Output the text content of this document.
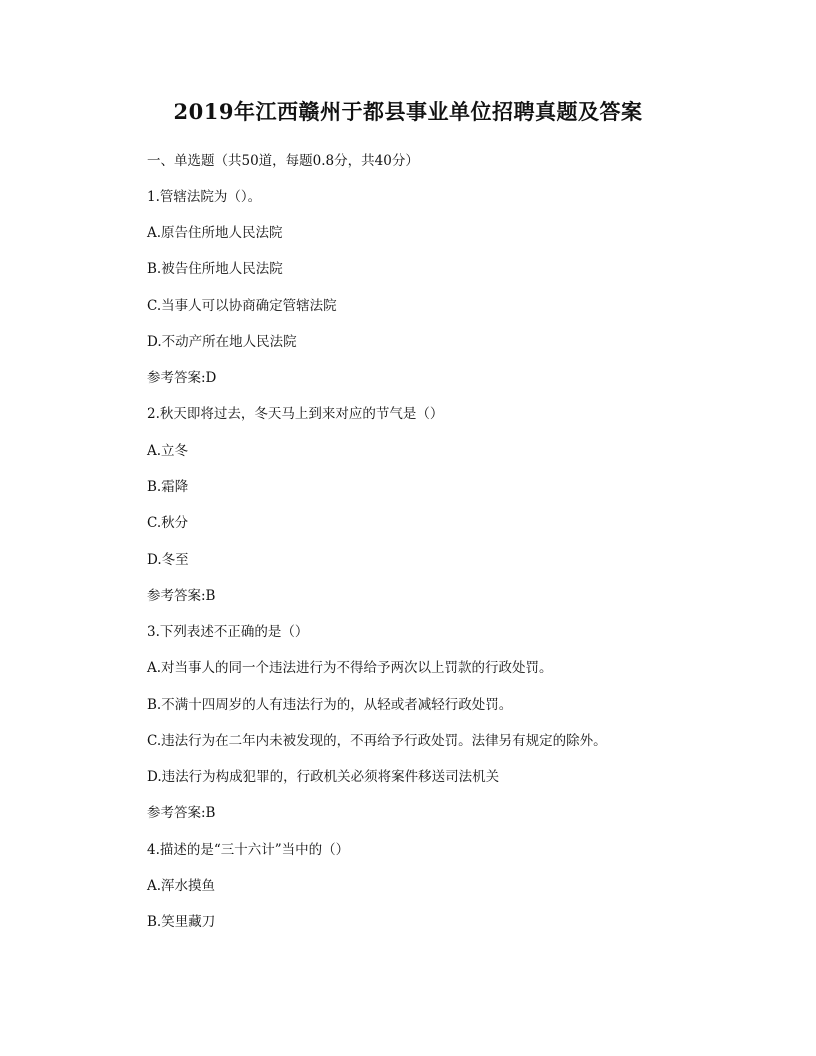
2019年江西赣州于都县事业单位招聘真题及答案
一、单选题（共50道，每题0.8分，共40分）
1.管辖法院为（）。
A.原告住所地人民法院
B.被告住所地人民法院
C.当事人可以协商确定管辖法院
D.不动产所在地人民法院
参考答案:D
2.秋天即将过去，冬天马上到来对应的节气是（）
A.立冬
B.霜降
C.秋分
D.冬至
参考答案:B
3.下列表述不正确的是（）
A.对当事人的同一个违法进行为不得给予两次以上罚款的行政处罚。
B.不满十四周岁的人有违法行为的，从轻或者减轻行政处罚。
C.违法行为在二年内未被发现的，不再给予行政处罚。法律另有规定的除外。
D.违法行为构成犯罪的，行政机关必须将案件移送司法机关
参考答案:B
4.描述的是“三十六计”当中的（）
A.浑水摸鱼
B.笑里藏刀
